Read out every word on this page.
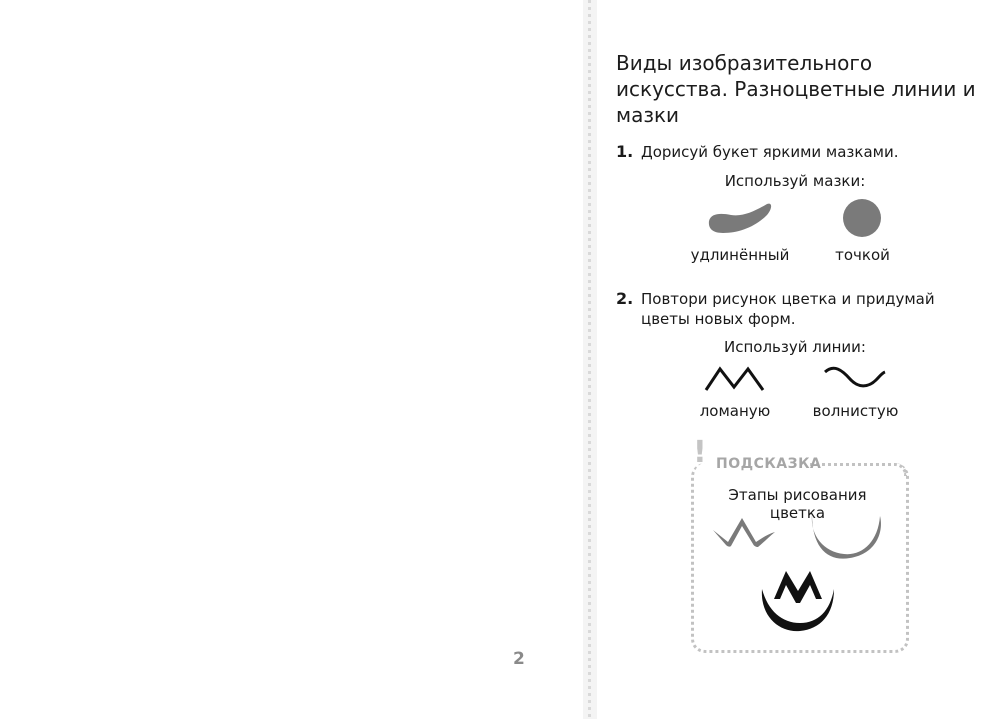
2
Виды изобразительного искусства. Разноцветные линии и мазки
1. Дорисуй букет яркими мазками.
Используй мазки:
удлинённый	точкой
2. Повтори рисунок цветка и придумай цветы новых форм.
Используй линии:
ломаную	волнистую
! ПОДСКАЗКА
Этапы рисования цветка
